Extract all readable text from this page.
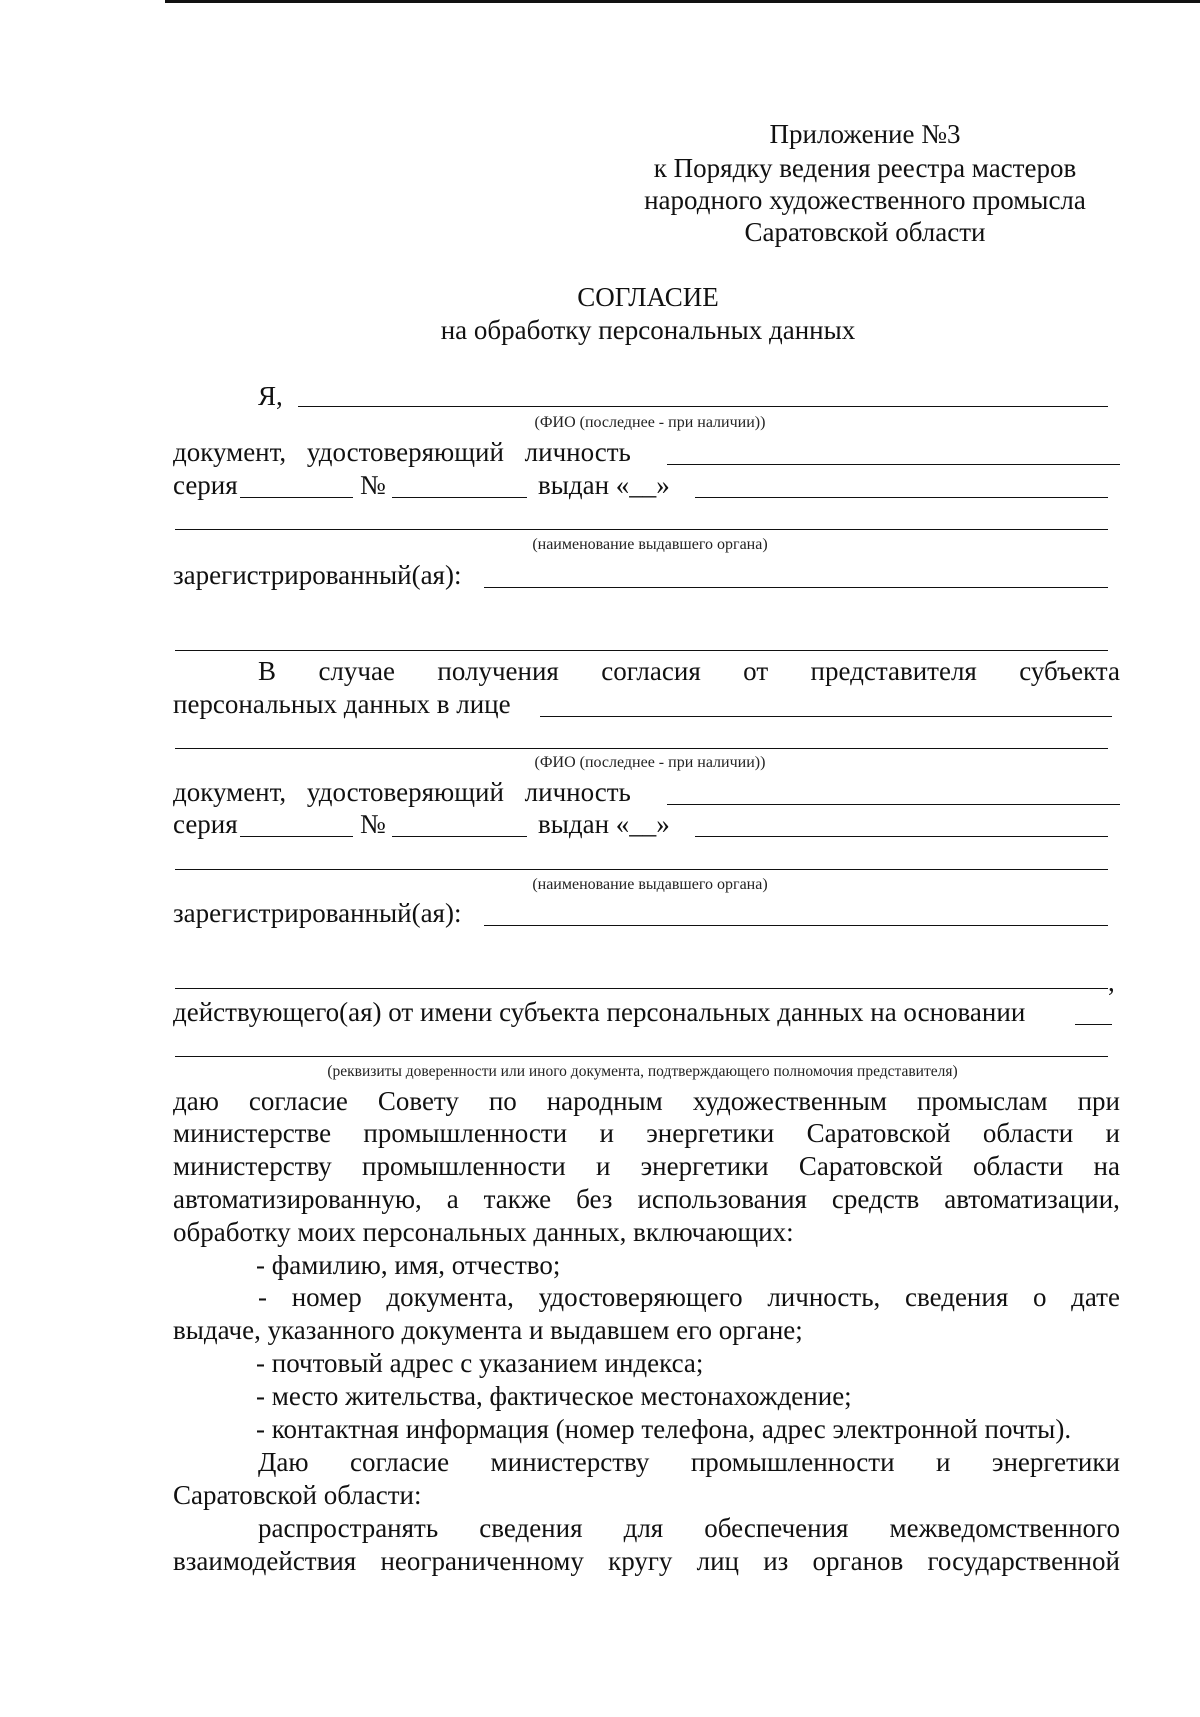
Приложение №3
к Порядку ведения реестра мастеров
народного художественного промысла
Саратовской области
СОГЛАСИЕ
на обработку персональных данных
Я,
(ФИО (последнее - при наличии))
документ, удостоверяющий личность
серия	№	выдан «__»
(наименование выдавшего органа)
зарегистрированный(ая):
В случае получения согласия от представителя субъекта
персональных данных в лице
(ФИО (последнее - при наличии))
документ, удостоверяющий личность
серия	№	выдан «__»
(наименование выдавшего органа)
зарегистрированный(ая):
,
действующего(ая) от имени субъекта персональных данных на основании
(реквизиты доверенности или иного документа, подтверждающего полномочия представителя)
даю согласие Совету по народным художественным промыслам при
министерстве промышленности и энергетики Саратовской области и
министерству промышленности и энергетики Саратовской области на
автоматизированную, а также без использования средств автоматизации,
обработку моих персональных данных, включающих:
- фамилию, имя, отчество;
- номер документа, удостоверяющего личность, сведения о дате
выдаче, указанного документа и выдавшем его органе;
- почтовый адрес с указанием индекса;
- место жительства, фактическое местонахождение;
- контактная информация (номер телефона, адрес электронной почты).
Даю согласие министерству промышленности и энергетики
Саратовской области:
распространять сведения для обеспечения межведомственного
взаимодействия неограниченному кругу лиц из органов государственной
